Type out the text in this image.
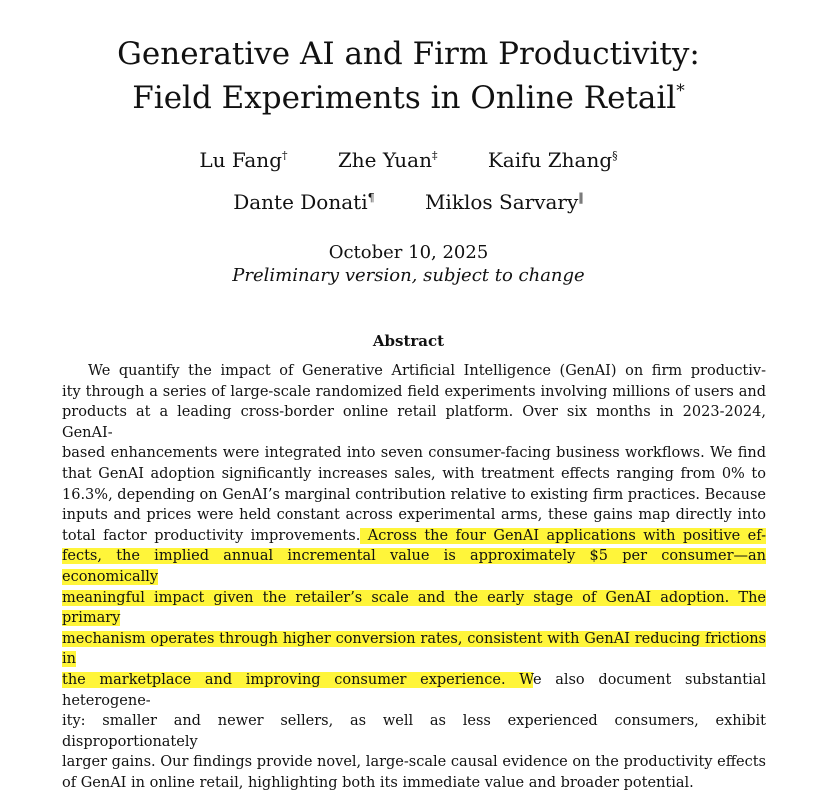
Generative AI and Firm Productivity:
Field Experiments in Online Retail*
Lu Fang†	Zhe Yuan‡	Kaifu Zhang§
Dante Donati¶	Miklos Sarvary‖
October 10, 2025
Preliminary version, subject to change
Abstract
We quantify the impact of Generative Artificial Intelligence (GenAI) on firm productiv-
ity through a series of large-scale randomized field experiments involving millions of users and
products at a leading cross-border online retail platform. Over six months in 2023-2024, GenAI-
based enhancements were integrated into seven consumer-facing business workflows. We find
that GenAI adoption significantly increases sales, with treatment effects ranging from 0% to
16.3%, depending on GenAI’s marginal contribution relative to existing firm practices. Because
inputs and prices were held constant across experimental arms, these gains map directly into
total factor productivity improvements. Across the four GenAI applications with positive ef-
fects, the implied annual incremental value is approximately $5 per consumer—an economically
meaningful impact given the retailer’s scale and the early stage of GenAI adoption. The primary
mechanism operates through higher conversion rates, consistent with GenAI reducing frictions in
the marketplace and improving consumer experience. We also document substantial heterogene-
ity: smaller and newer sellers, as well as less experienced consumers, exhibit disproportionately
larger gains. Our findings provide novel, large-scale causal evidence on the productivity effects
of GenAI in online retail, highlighting both its immediate value and broader potential.
